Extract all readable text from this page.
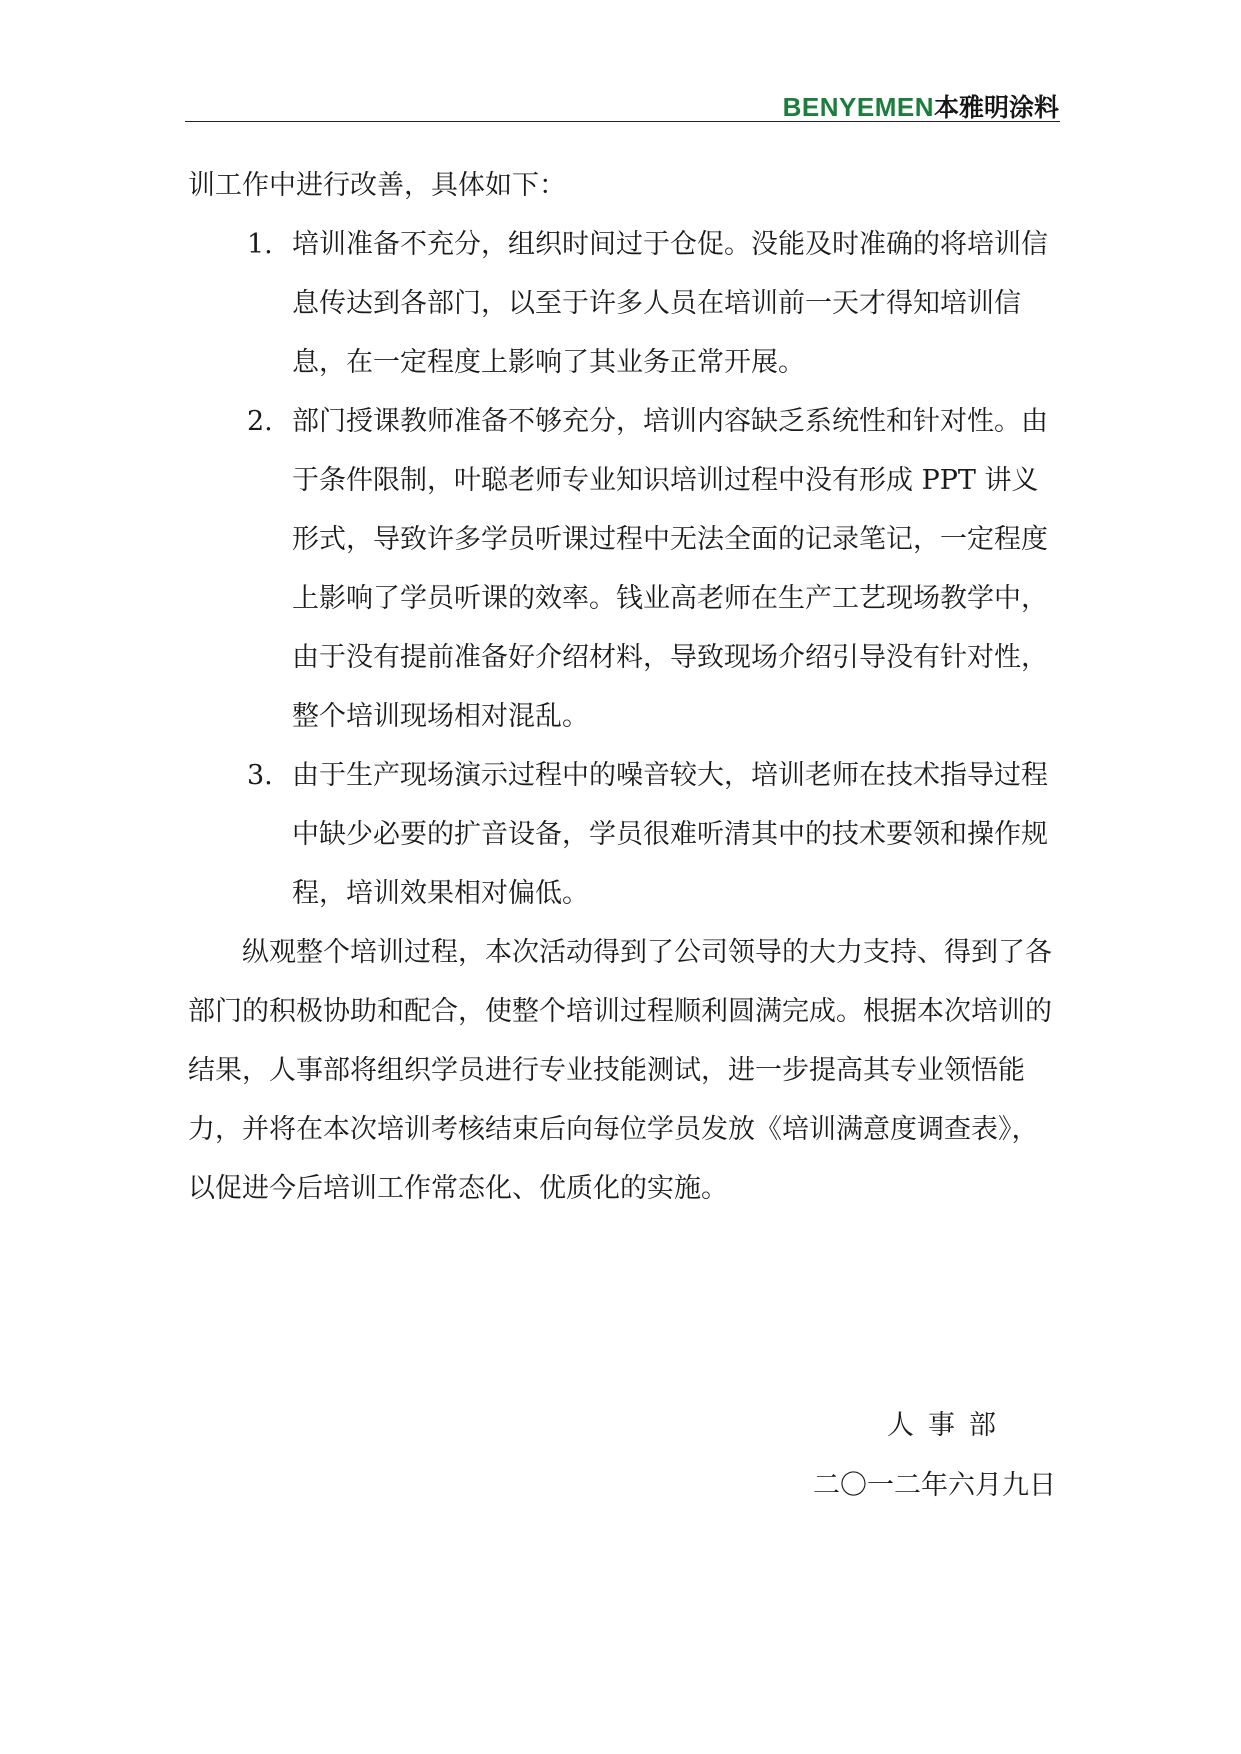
BENYEMEN 本雅明涂料

训工作中进行改善，具体如下：

1. 培训准备不充分，组织时间过于仓促。没能及时准确的将培训信息传达到各部门，以至于许多人员在培训前一天才得知培训信息，在一定程度上影响了其业务正常开展。
2. 部门授课教师准备不够充分，培训内容缺乏系统性和针对性。由于条件限制，叶聪老师专业知识培训过程中没有形成 PPT 讲义形式，导致许多学员听课过程中无法全面的记录笔记，一定程度上影响了学员听课的效率。钱业高老师在生产工艺现场教学中，由于没有提前准备好介绍材料，导致现场介绍引导没有针对性，整个培训现场相对混乱。
3. 由于生产现场演示过程中的噪音较大，培训老师在技术指导过程中缺少必要的扩音设备，学员很难听清其中的技术要领和操作规程，培训效果相对偏低。

纵观整个培训过程，本次活动得到了公司领导的大力支持、得到了各部门的积极协助和配合，使整个培训过程顺利圆满完成。根据本次培训的结果，人事部将组织学员进行专业技能测试，进一步提高其专业领悟能力，并将在本次培训考核结束后向每位学员发放《培训满意度调查表》，以促进今后培训工作常态化、优质化的实施。

人事部
二〇一二年六月九日
